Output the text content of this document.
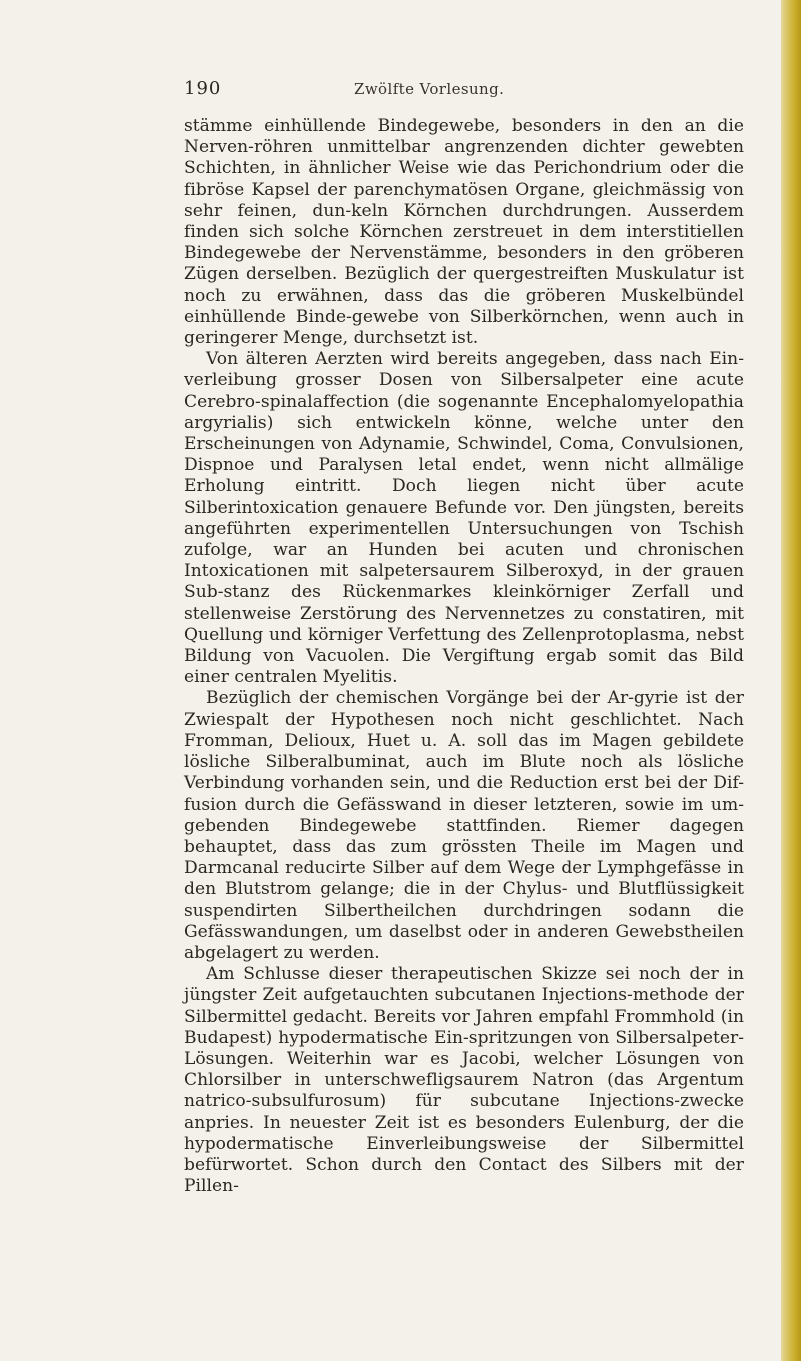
190	Zwölfte Vorlesung.

stämme einhüllende Bindegewebe, besonders in den an die Nerven-röhren unmittelbar angrenzenden dichter gewebten Schichten, in ähnlicher Weise wie das Perichondrium oder die fibröse Kapsel der parenchymatösen Organe, gleichmässig von sehr feinen, dun-keln Körnchen durchdrungen. Ausserdem finden sich solche Körnchen zerstreuet in dem interstitiellen Bindegewebe der Nervenstämme, besonders in den gröberen Zügen derselben. Bezüglich der quergestreiften Muskulatur ist noch zu erwähnen, dass das die gröberen Muskelbündel einhüllende Binde-gewebe von Silberkörnchen, wenn auch in geringerer Menge, durchsetzt ist.

Von älteren Aerzten wird bereits angegeben, dass nach Ein-verleibung grosser Dosen von Silbersalpeter eine acute Cerebro-spinalaffection (die sogenannte Encephalomyelopathia argyrialis) sich entwickeln könne, welche unter den Erscheinungen von Adynamie, Schwindel, Coma, Convulsionen, Dispnoe und Paralysen letal endet, wenn nicht allmälige Erholung eintritt. Doch liegen nicht über acute Silberintoxication genauere Befunde vor. Den jüngsten, bereits angeführten experimentellen Untersuchungen von Tschish zufolge, war an Hunden bei acuten und chronischen Intoxicationen mit salpetersaurem Silberoxyd, in der grauen Sub-stanz des Rückenmarkes kleinkörniger Zerfall und stellenweise Zerstörung des Nervennetzes zu constatiren, mit Quellung und körniger Verfettung des Zellenprotoplasma, nebst Bildung von Vacuolen. Die Vergiftung ergab somit das Bild einer centralen Myelitis.

Bezüglich der chemischen Vorgänge bei der Ar-gyrie ist der Zwiespalt der Hypothesen noch nicht geschlichtet. Nach Fromman, Delioux, Huet u. A. soll das im Magen gebildete lösliche Silberalbuminat, auch im Blute noch als lösliche Verbindung vorhanden sein, und die Reduction erst bei der Dif-fusion durch die Gefässwand in dieser letzteren, sowie im um-gebenden Bindegewebe stattfinden. Riemer dagegen behauptet, dass das zum grössten Theile im Magen und Darmcanal reducirte Silber auf dem Wege der Lymphgefässe in den Blutstrom gelange; die in der Chylus- und Blutflüssigkeit suspendirten Silbertheilchen durchdringen sodann die Gefässwandungen, um daselbst oder in anderen Gewebstheilen abgelagert zu werden.

Am Schlusse dieser therapeutischen Skizze sei noch der in jüngster Zeit aufgetauchten subcutanen Injections-methode der Silbermittel gedacht. Bereits vor Jahren empfahl Frommhold (in Budapest) hypodermatische Ein-spritzungen von Silbersalpeter-Lösungen. Weiterhin war es Jacobi, welcher Lösungen von Chlorsilber in unterschwefligsaurem Natron (das Argentum natrico-subsulfurosum) für subcutane Injections-zwecke anpries. In neuester Zeit ist es besonders Eulenburg, der die hypodermatische Einverleibungsweise der Silbermittel befürwortet. Schon durch den Contact des Silbers mit der Pillen-
